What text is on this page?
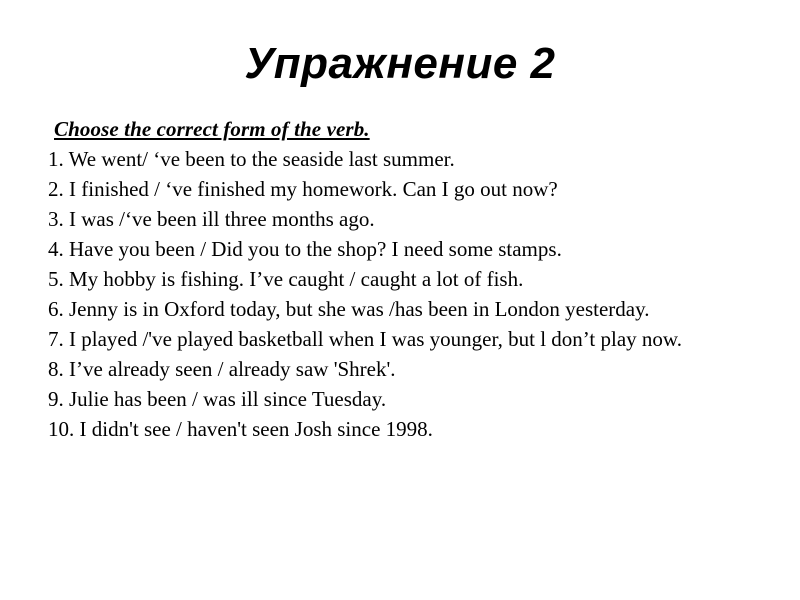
Упражнение 2
Choose the correct form of the verb.
1. We went/ ‘ve been to the seaside last summer.
2. I finished / ‘ve finished my homework. Can I go out now?
3. I was /‘ve been ill three months ago.
4. Have you been / Did you to the shop? I need some stamps.
5. My hobby is fishing. I’ve caught / caught a lot of fish.
6. Jenny is in Oxford today, but she was /has been in London yesterday.
7. I played /'ve played basketball when I was younger, but l don’t play now.
8. I’ve already seen / already saw 'Shrek'.
9. Julie has been / was ill since Tuesday.
10. I didn't see / haven't seen Josh since 1998.
